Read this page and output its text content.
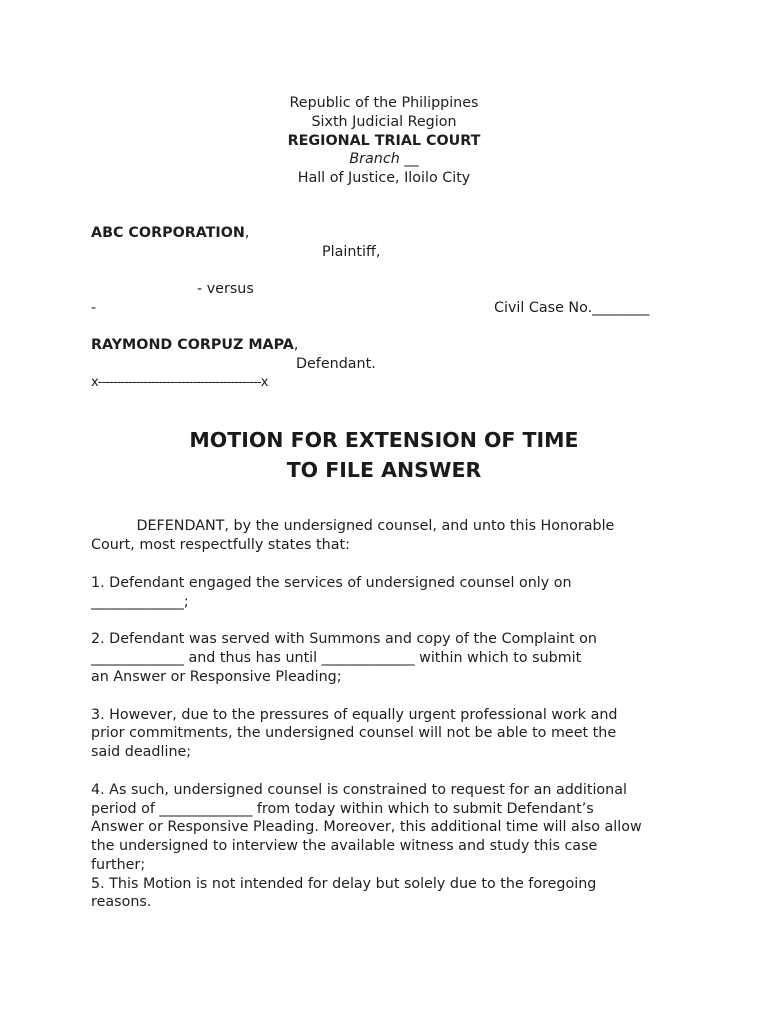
Republic of the Philippines
Sixth Judicial Region
REGIONAL TRIAL COURT
Branch __
Hall of Justice, Iloilo City
ABC CORPORATION,
Plaintiff,
- versus
-	Civil Case No.________
RAYMOND CORPUZ MAPA,
Defendant.
x-------------------------------------------x
MOTION FOR EXTENSION OF TIME
TO FILE ANSWER
DEFENDANT, by the undersigned counsel, and unto this Honorable
Court, most respectfully states that:
1. Defendant engaged the services of undersigned counsel only on
_____________;
2. Defendant was served with Summons and copy of the Complaint on
_____________ and thus has until _____________ within which to submit
an Answer or Responsive Pleading;
3. However, due to the pressures of equally urgent professional work and
prior commitments, the undersigned counsel will not be able to meet the
said deadline;
4. As such, undersigned counsel is constrained to request for an additional
period of _____________ from today within which to submit Defendant’s
Answer or Responsive Pleading. Moreover, this additional time will also allow
the undersigned to interview the available witness and study this case
further;
5. This Motion is not intended for delay but solely due to the foregoing
reasons.
